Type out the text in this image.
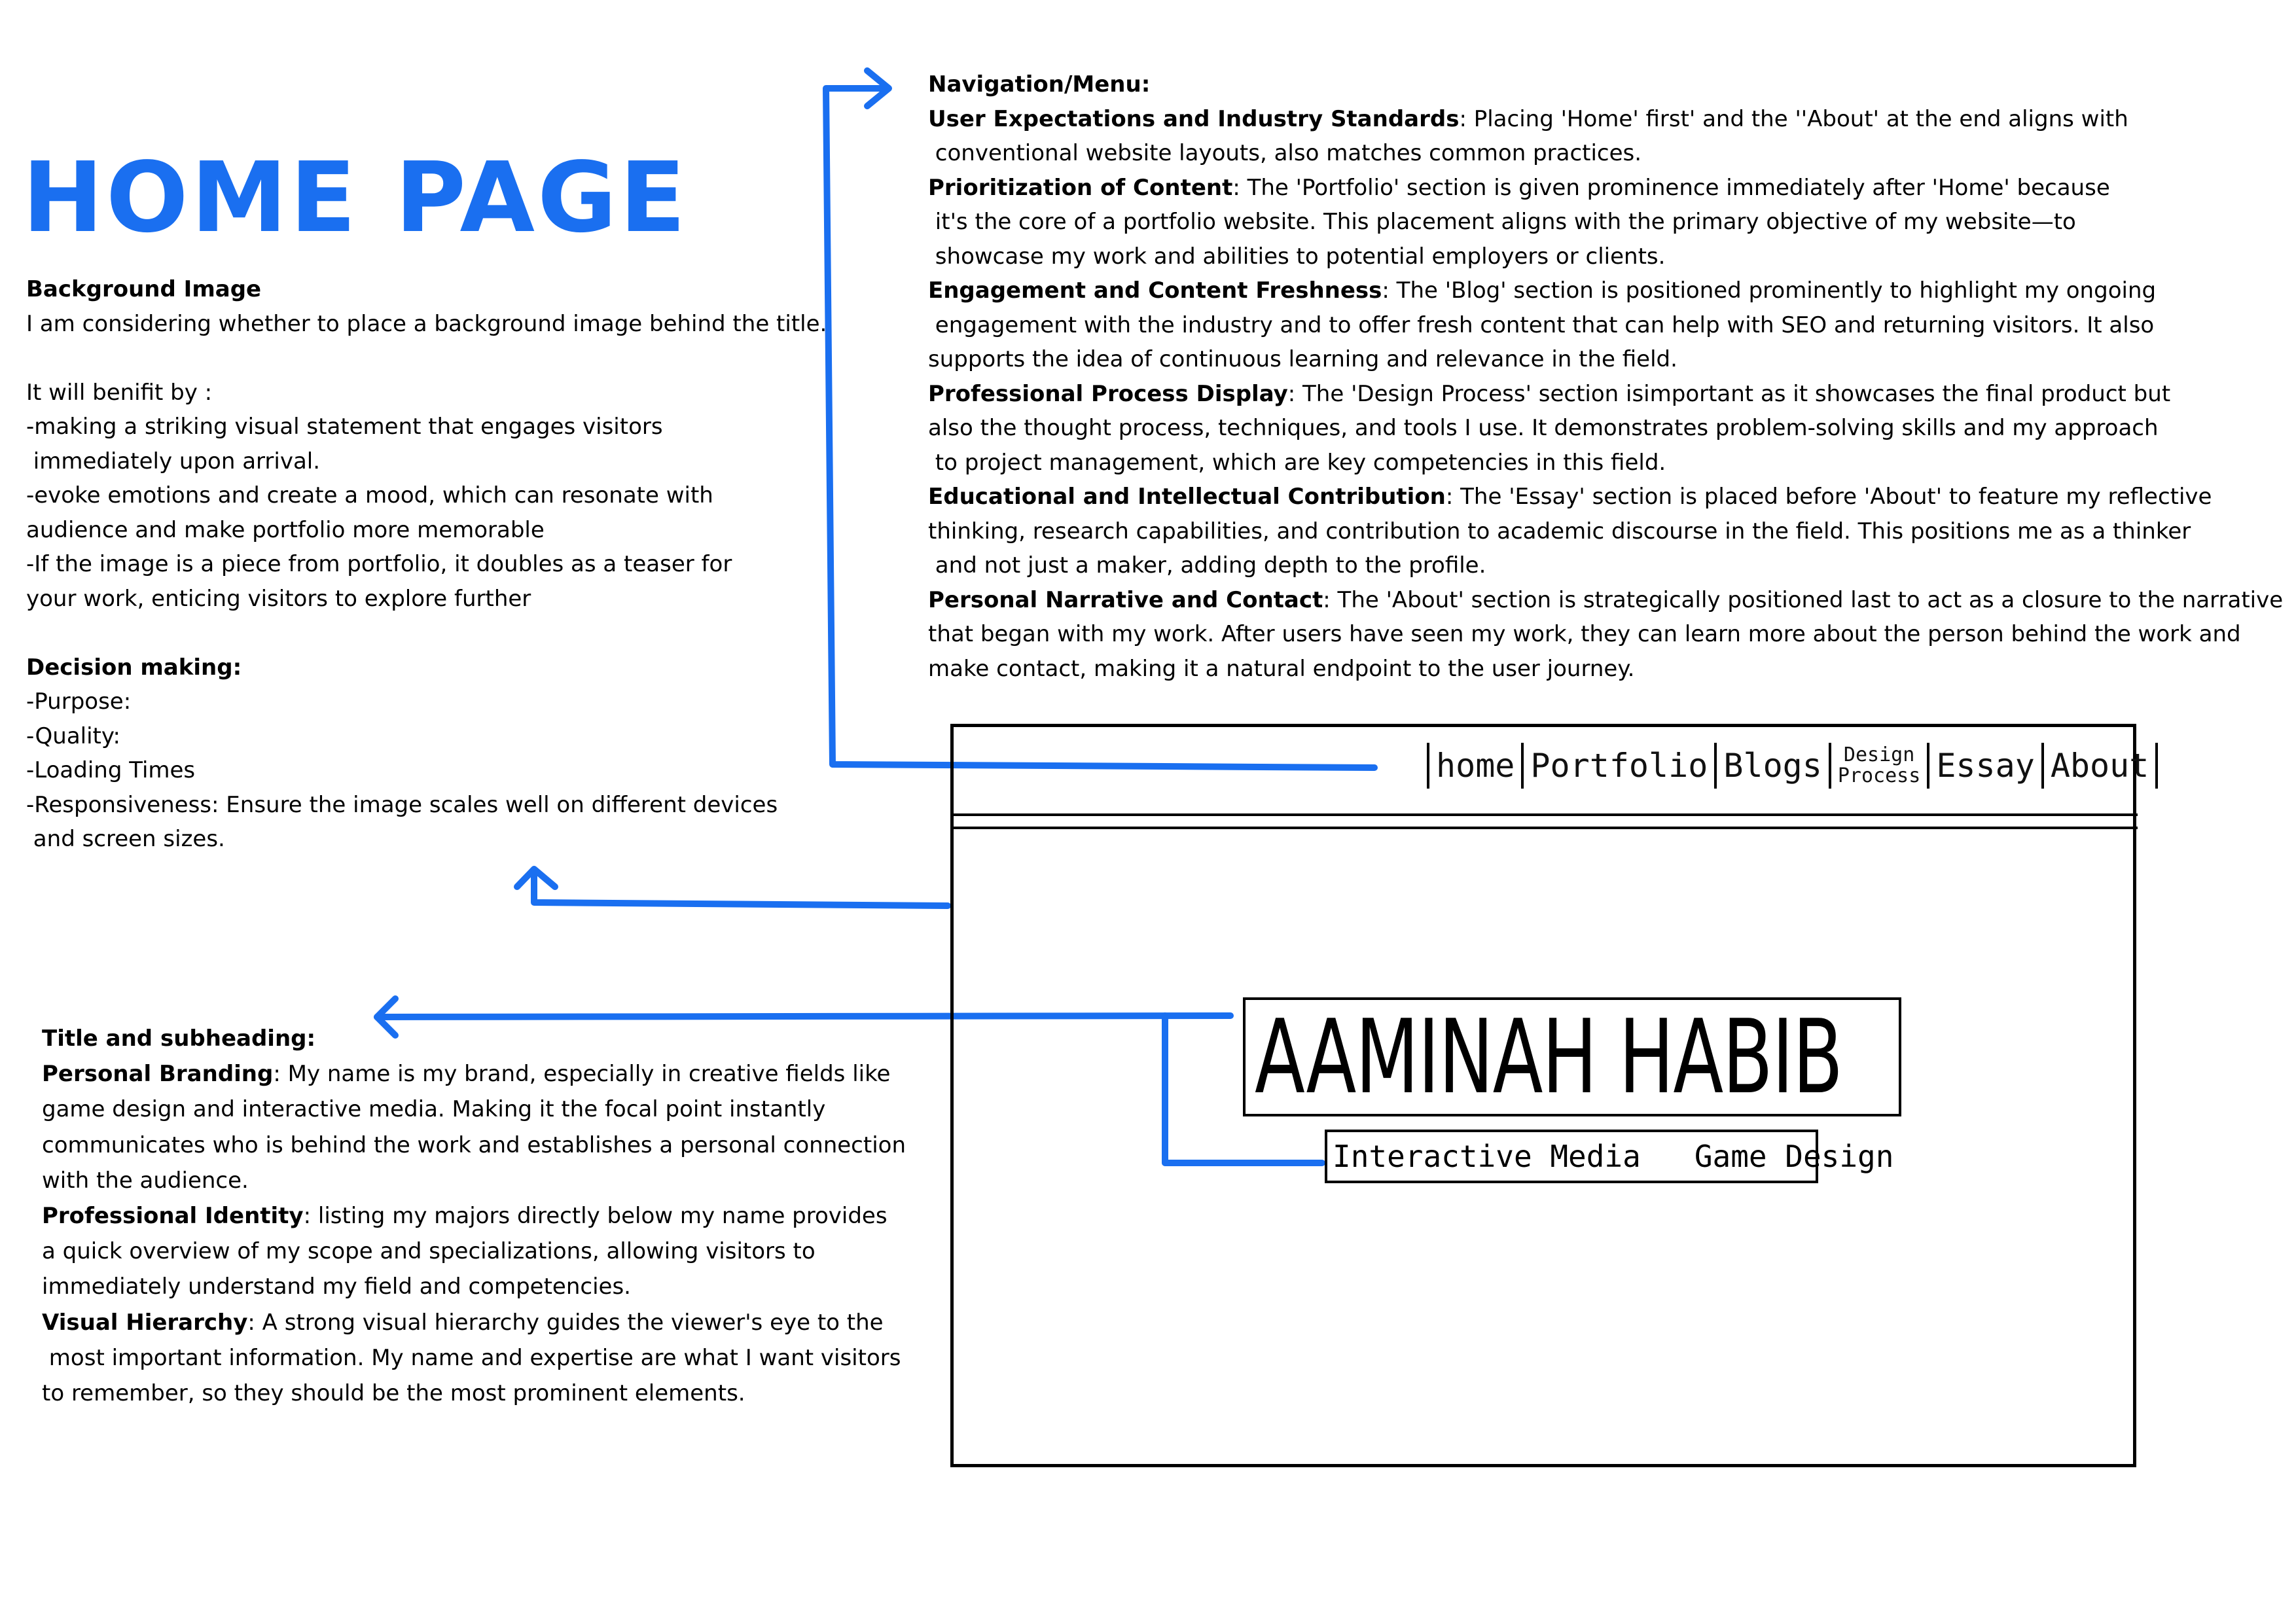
HOME PAGE

Navigation/Menu:

User Expectations and Industry Standards: Placing 'Home' first' and the ''About' at the end aligns with

conventional website layouts, also matches common practices.

Prioritization of Content: The 'Portfolio' section is given prominence immediately after 'Home' because

it's the core of a portfolio website. This placement aligns with the primary objective of my website—to

showcase my work and abilities to potential employers or clients.

Engagement and Content Freshness: The 'Blog' section is positioned prominently to highlight my ongoing

engagement with the industry and to offer fresh content that can help with SEO and returning visitors. It also

supports the idea of continuous learning and relevance in the field.

Professional Process Display: The 'Design Process' section isimportant as it showcases the final product but

also the thought process, techniques, and tools I use. It demonstrates problem-solving skills and my approach

to project management, which are key competencies in this field.

Educational and Intellectual Contribution: The 'Essay' section is placed before 'About' to feature my reflective

thinking, research capabilities, and contribution to academic discourse in the field. This positions me as a thinker

and not just a maker, adding depth to the profile.

Personal Narrative and Contact: The 'About' section is strategically positioned last to act as a closure to the narrative

that began with my work. After users have seen my work, they can learn more about the person behind the work and

make contact, making it a natural endpoint to the user journey.

Background Image

I am considering whether to place a background image behind the title.

It will benifit by :

-making a striking visual statement that engages visitors

immediately upon arrival.

-evoke emotions and create a mood, which can resonate with

audience and make portfolio more memorable

-If the image is a piece from portfolio, it doubles as a teaser for

your work, enticing visitors to explore further

Decision making:

-Purpose:

-Quality:

-Loading Times

-Responsiveness: Ensure the image scales well on different devices

and screen sizes.

Title and subheading:

Personal Branding: My name is my brand, especially in creative fields like

game design and interactive media. Making it the focal point instantly

communicates who is behind the work and establishes a personal connection

with the audience.

Professional Identity: listing my majors directly below my name provides

a quick overview of my scope and specializations, allowing visitors to

immediately understand my field and competencies.

Visual Hierarchy: A strong visual hierarchy guides the viewer's eye to the

most important information. My name and expertise are what I want visitors

to remember, so they should be the most prominent elements.

home Portfolio Blogs	Design
Process Essay About
AAMINAH HABIB
Interactive Media Game Design
